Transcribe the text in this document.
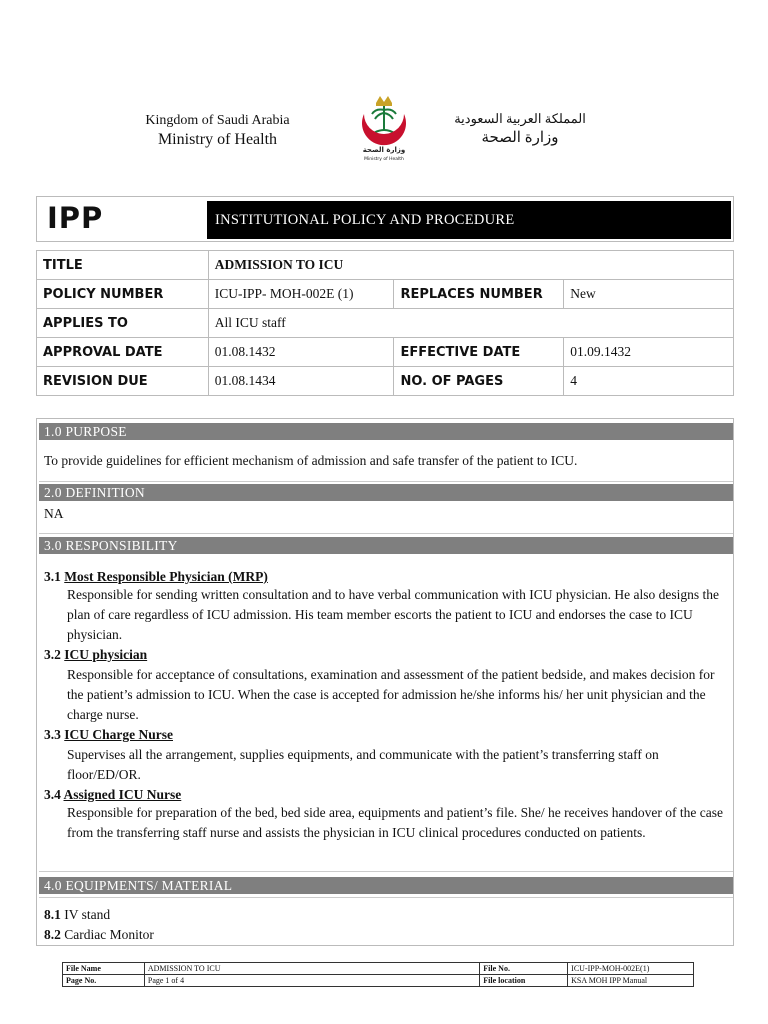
Kingdom of Saudi Arabia
Ministry of Health
وزارة الصحة
Ministry of Health
المملكة العربية السعودية
وزارة الصحة
IPP	INSTITUTIONAL POLICY AND PROCEDURE
TITLE	ADMISSION TO ICU		
POLICY NUMBER	ICU-IPP- MOH-002E (1)	REPLACES NUMBER	New
APPLIES TO	All ICU staff		
APPROVAL DATE	01.08.1432	EFFECTIVE DATE	01.09.1432
REVISION DUE	01.08.1434	NO. OF PAGES	4
1.0 PURPOSE
To provide guidelines for efficient mechanism of admission and safe transfer of the patient to ICU.
2.0 DEFINITION
NA
3.0 RESPONSIBILITY
3.1 Most Responsible Physician (MRP)
Responsible for sending written consultation and to have verbal communication with ICU physician. He also designs the plan of care regardless of ICU admission. His team member escorts the patient to ICU and endorses the case to ICU physician.
3.2 ICU physician
Responsible for acceptance of consultations, examination and assessment of the patient bedside, and makes decision for the patient’s admission to ICU. When the case is accepted for admission he/she informs his/ her unit physician and the charge nurse.
3.3 ICU Charge Nurse
Supervises all the arrangement, supplies equipments, and communicate with the patient’s transferring staff on floor/ED/OR.
3.4 Assigned ICU Nurse
Responsible for preparation of the bed, bed side area, equipments and patient’s file. She/ he receives handover of the case from the transferring staff nurse and assists the physician in ICU clinical procedures conducted on patients.
4.0 EQUIPMENTS/ MATERIAL
8.1 IV stand
8.2 Cardiac Monitor
File Name	ADMISSION TO ICU	File No.	ICU-IPP-MOH-002E(1)
Page No.	Page 1 of 4	File location	KSA MOH IPP Manual
